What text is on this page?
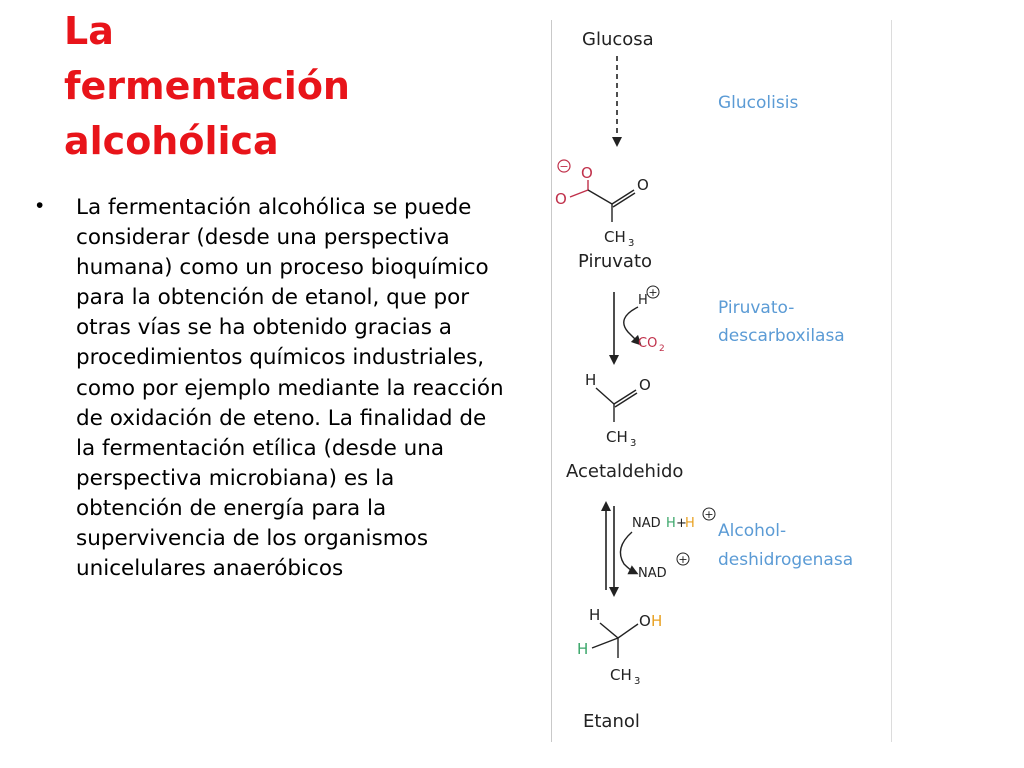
La
fermentación
alcohólica
• La fermentación alcohólica se puede considerar (desde una perspectiva humana) como un proceso bioquímico para la obtención de etanol, que por otras vías se ha obtenido gracias a procedimientos químicos industriales, como por ejemplo mediante la reacción de oxidación de eteno. La finalidad de la fermentación etílica (desde una perspectiva microbiana) es la obtención de energía para la supervivencia de los organismos unicelulares anaeróbicos

Glucosa
Glucolisis
− O
O
O
CH 3
Piruvato
H
+
CO 2
Piruvato-
descarboxilasa
H	O
CH 3
Acetaldehido
NAD H +
H
+
NAD
+
Alcohol-
deshidrogenasa
H
H
O H
CH 3
Etanol
